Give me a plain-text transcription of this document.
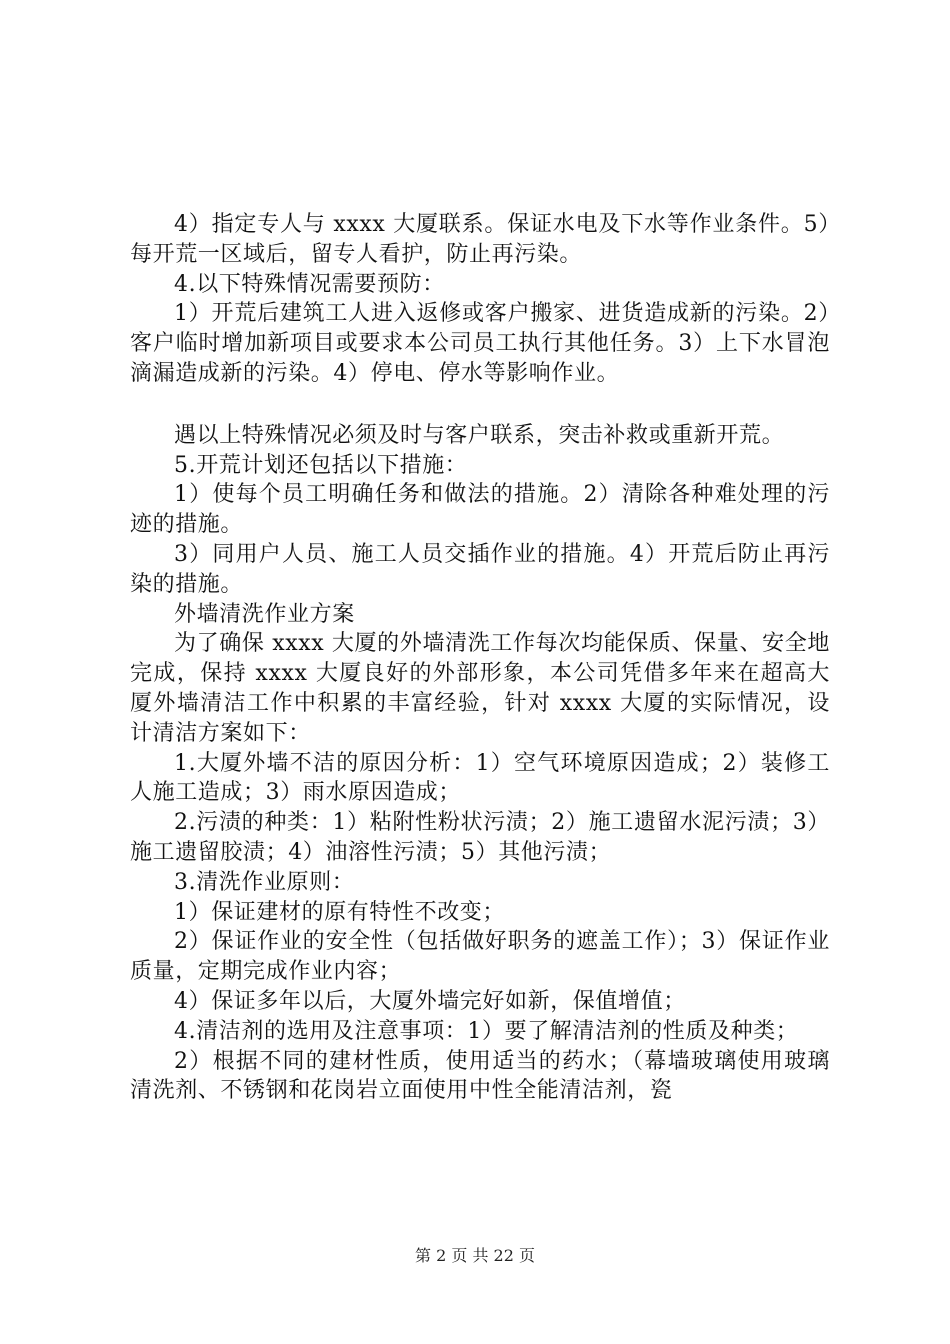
4）指定专人与 xxxx 大厦联系。保证水电及下水等作业条件。5）每开荒一区域后，留专人看护，防止再污染。

4.以下特殊情况需要预防：

1）开荒后建筑工人进入返修或客户搬家、进货造成新的污染。2）客户临时增加新项目或要求本公司员工执行其他任务。3）上下水冒泡滴漏造成新的污染。4）停电、停水等影响作业。

遇以上特殊情况必须及时与客户联系，突击补救或重新开荒。

5.开荒计划还包括以下措施：

1）使每个员工明确任务和做法的措施。2）清除各种难处理的污迹的措施。

3）同用户人员、施工人员交插作业的措施。4）开荒后防止再污染的措施。

外墙清洗作业方案

为了确保 xxxx 大厦的外墙清洗工作每次均能保质、保量、安全地完成，保持 xxxx 大厦良好的外部形象，本公司凭借多年来在超高大厦外墙清洁工作中积累的丰富经验，针对 xxxx 大厦的实际情况，设计清洁方案如下：

1.大厦外墙不洁的原因分析：1）空气环境原因造成；2）装修工人施工造成；3）雨水原因造成；

2.污渍的种类：1）粘附性粉状污渍；2）施工遗留水泥污渍；3）施工遗留胶渍；4）油溶性污渍；5）其他污渍；

3.清洗作业原则：

1）保证建材的原有特性不改变；

2）保证作业的安全性（包括做好职务的遮盖工作）；3）保证作业质量，定期完成作业内容；

4）保证多年以后，大厦外墙完好如新，保值增值；

4.清洁剂的选用及注意事项：1）要了解清洁剂的性质及种类；

2）根据不同的建材性质，使用适当的药水；（幕墙玻璃使用玻璃清洗剂、不锈钢和花岗岩立面使用中性全能清洁剂，瓷

第 2 页 共 22 页
